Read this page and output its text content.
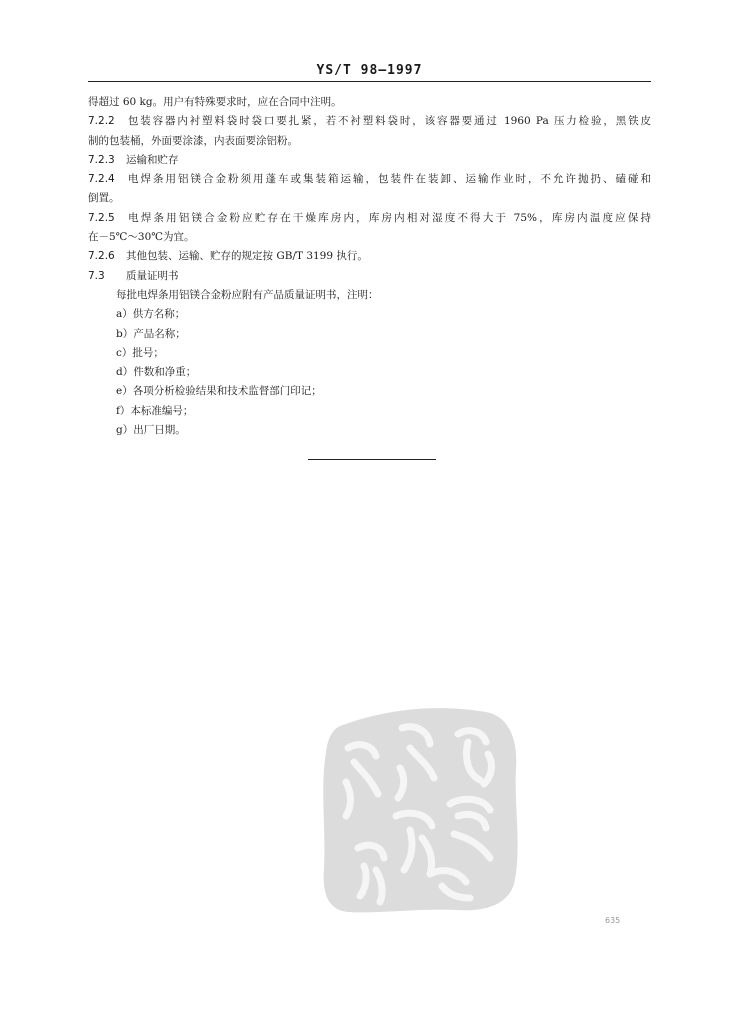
YS/T 98—1997
得超过 60 kg。用户有特殊要求时，应在合同中注明。
7.2.2 包装容器内衬塑料袋时袋口要扎紧，若不衬塑料袋时，该容器要通过 1960 Pa 压力检验，黑铁皮
制的包装桶，外面要涂漆，内表面要涂铝粉。
7.2.3 运输和贮存
7.2.4 电焊条用铝镁合金粉须用蓬车或集装箱运输，包装件在装卸、运输作业时，不允许抛扔、磕碰和
倒置。
7.2.5 电焊条用铝镁合金粉应贮存在干燥库房内，库房内相对湿度不得大于 75%，库房内温度应保持
在－5℃～30℃为宜。
7.2.6 其他包装、运输、贮存的规定按 GB/T 3199 执行。
7.3 质量证明书
每批电焊条用铝镁合金粉应附有产品质量证明书，注明：
a）供方名称；
b）产品名称；
c）批号；
d）件数和净重；
e）各项分析检验结果和技术监督部门印记；
f）本标准编号；
g）出厂日期。
635
